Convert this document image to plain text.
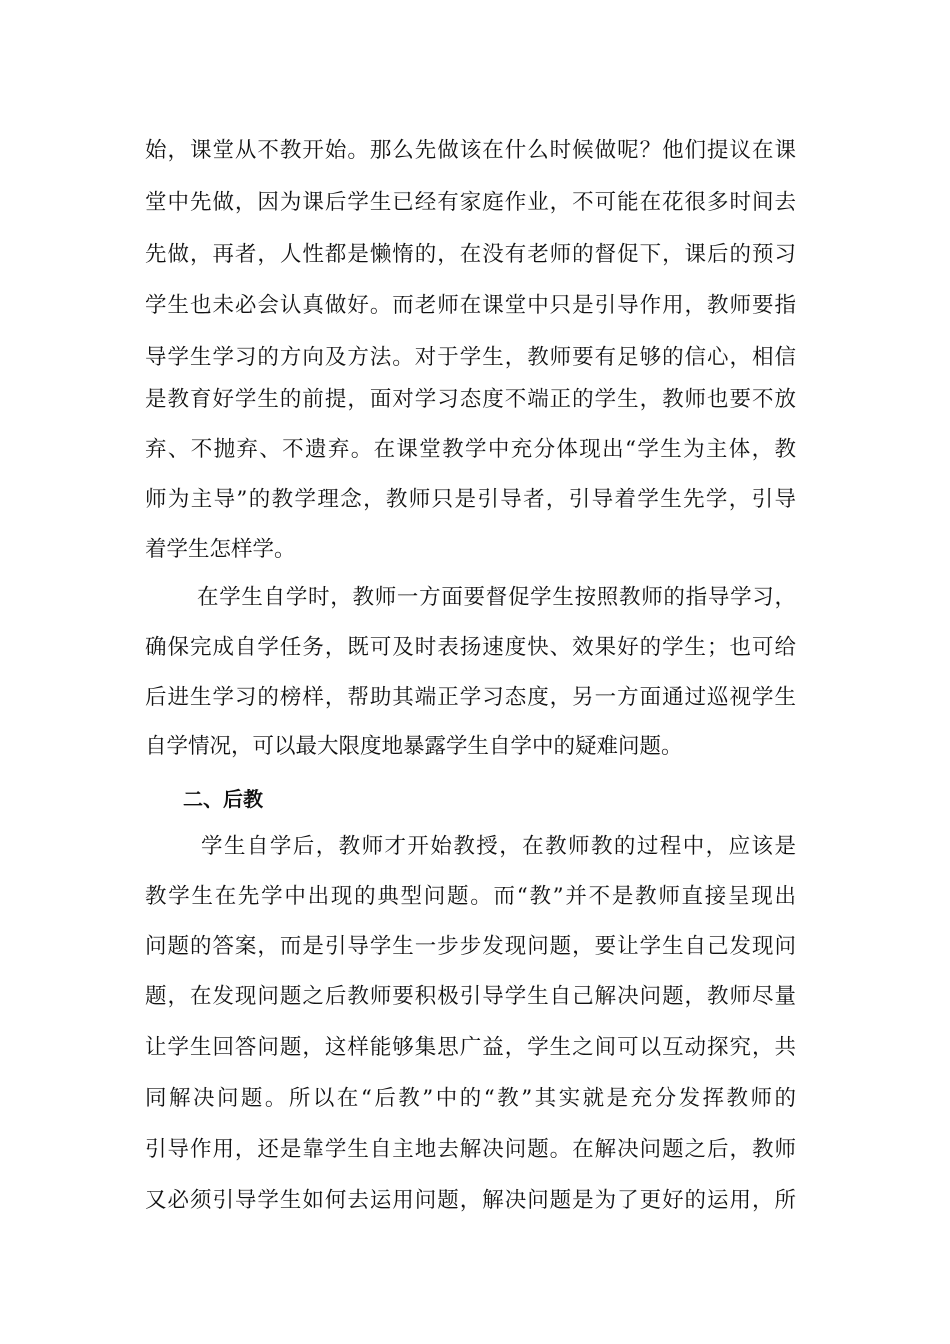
始，课堂从不教开始。那么先做该在什么时候做呢？他们提议在课
堂中先做，因为课后学生已经有家庭作业，不可能在花很多时间去
先做，再者，人性都是懒惰的，在没有老师的督促下，课后的预习
学生也未必会认真做好。而老师在课堂中只是引导作用，教师要指
导学生学习的方向及方法。对于学生，教师要有足够的信心，相信
是教育好学生的前提，面对学习态度不端正的学生，教师也要不放
弃、不抛弃、不遗弃。在课堂教学中充分体现出“学生为主体，教
师为主导”的教学理念，教师只是引导者，引导着学生先学，引导
着学生怎样学。
在学生自学时，教师一方面要督促学生按照教师的指导学习，
确保完成自学任务，既可及时表扬速度快、效果好的学生；也可给
后进生学习的榜样，帮助其端正学习态度，另一方面通过巡视学生
自学情况，可以最大限度地暴露学生自学中的疑难问题。
二、后教
学生自学后，教师才开始教授，在教师教的过程中，应该是
教学生在先学中出现的典型问题。而“教”并不是教师直接呈现出
问题的答案，而是引导学生一步步发现问题，要让学生自己发现问
题，在发现问题之后教师要积极引导学生自己解决问题，教师尽量
让学生回答问题，这样能够集思广益，学生之间可以互动探究，共
同解决问题。所以在“后教”中的“教”其实就是充分发挥教师的
引导作用，还是靠学生自主地去解决问题。在解决问题之后，教师
又必须引导学生如何去运用问题，解决问题是为了更好的运用，所
